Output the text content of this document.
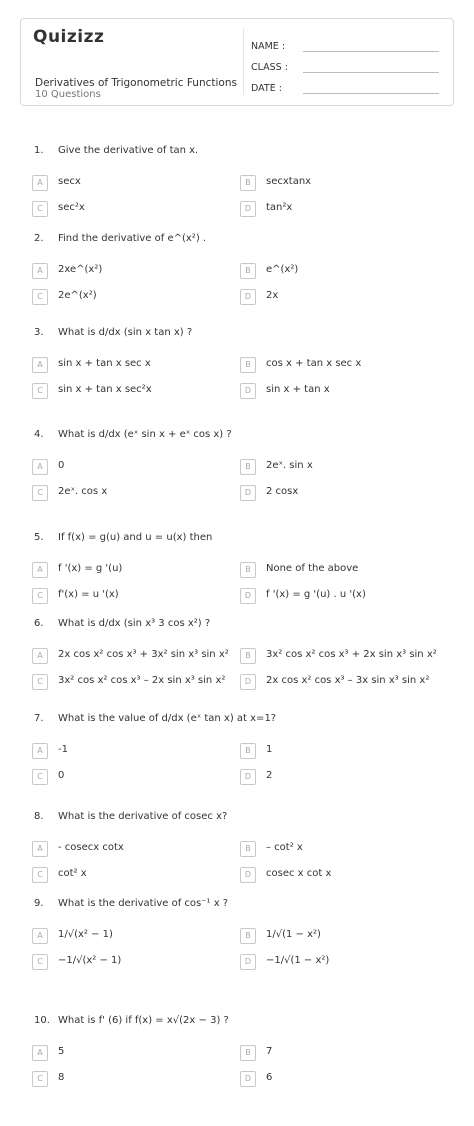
Quizizz
Derivatives of Trigonometric Functions
10 Questions
NAME :
CLASS :
DATE :
1. Give the derivative of tan x.
A	secx	B	secxtanx
C	sec²x	D	tan²x
2. Find the derivative of e^(x²) .
A	2xe^(x²)	B	e^(x²)
C	2e^(x²)	D	2x
3. What is d/dx (sin x tan x) ?
A	sin x + tan x sec x	B	cos x + tan x sec x
C	sin x + tan x sec²x	D	sin x + tan x
4. What is d/dx (eˣ sin x + eˣ cos x) ?
A	0	B	2eˣ. sin x
C	2eˣ. cos x	D	2 cosx
5. If f(x) = g(u) and u = u(x) then
A	f '(x) = g '(u)	B	None of the above
C	f'(x) = u '(x)	D	f '(x) = g '(u) . u '(x)
6. What is d/dx (sin x³ 3 cos x²) ?
A	2x cos x² cos x³ + 3x² sin x³ sin x²	B	3x² cos x² cos x³ + 2x sin x³ sin x²
C	3x² cos x² cos x³ – 2x sin x³ sin x²	D	2x cos x² cos x³ – 3x sin x³ sin x²
7. What is the value of d/dx (eˣ tan x) at x=1?
A	-1	B	1
C	0	D	2
8. What is the derivative of cosec x?
A	- cosecx cotx	B	– cot² x
C	cot² x	D	cosec x cot x
9. What is the derivative of cos⁻¹ x ?
A	1/√(x² − 1)	B	1/√(1 − x²)
C	−1/√(x² − 1)	D	−1/√(1 − x²)
10. What is f' (6) if f(x) = x√(2x − 3) ?
A	5	B	7
C	8	D	6
